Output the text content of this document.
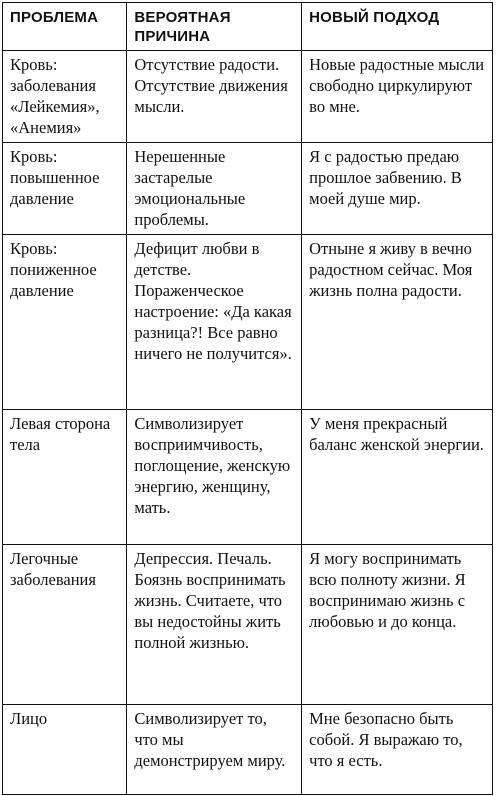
ПРОБЛЕМА	ВЕРОЯТНАЯ ПРИЧИНА	НОВЫЙ ПОДХОД

Кровь: заболевания «Лейкемия», «Анемия»	Отсутствие радости. Отсутствие движения мысли.	Новые радостные мысли свободно циркулируют во мне.

Кровь: повышенное давление	Нерешенные застарелые эмоциональные проблемы.	Я с радостью предаю прошлое забвению. В моей душе мир.

Кровь: пониженное давление	Дефицит любви в детстве. Пораженческое настроение: «Да какая разница?! Все равно ничего не получится».	Отныне я живу в вечно радостном сейчас. Моя жизнь полна радости.

Левая сторона тела	Символизирует восприимчивость, поглощение, женскую энергию, женщину, мать.	У меня прекрасный баланс женской энергии.

Легочные заболевания	Депрессия. Печаль. Боязнь воспринимать жизнь. Считаете, что вы недостойны жить полной жизнью.	Я могу воспринимать всю полноту жизни. Я воспринимаю жизнь с любовью и до конца.

Лицо	Символизирует то, что мы демонстрируем миру.	Мне безопасно быть собой. Я выражаю то, что я есть.
